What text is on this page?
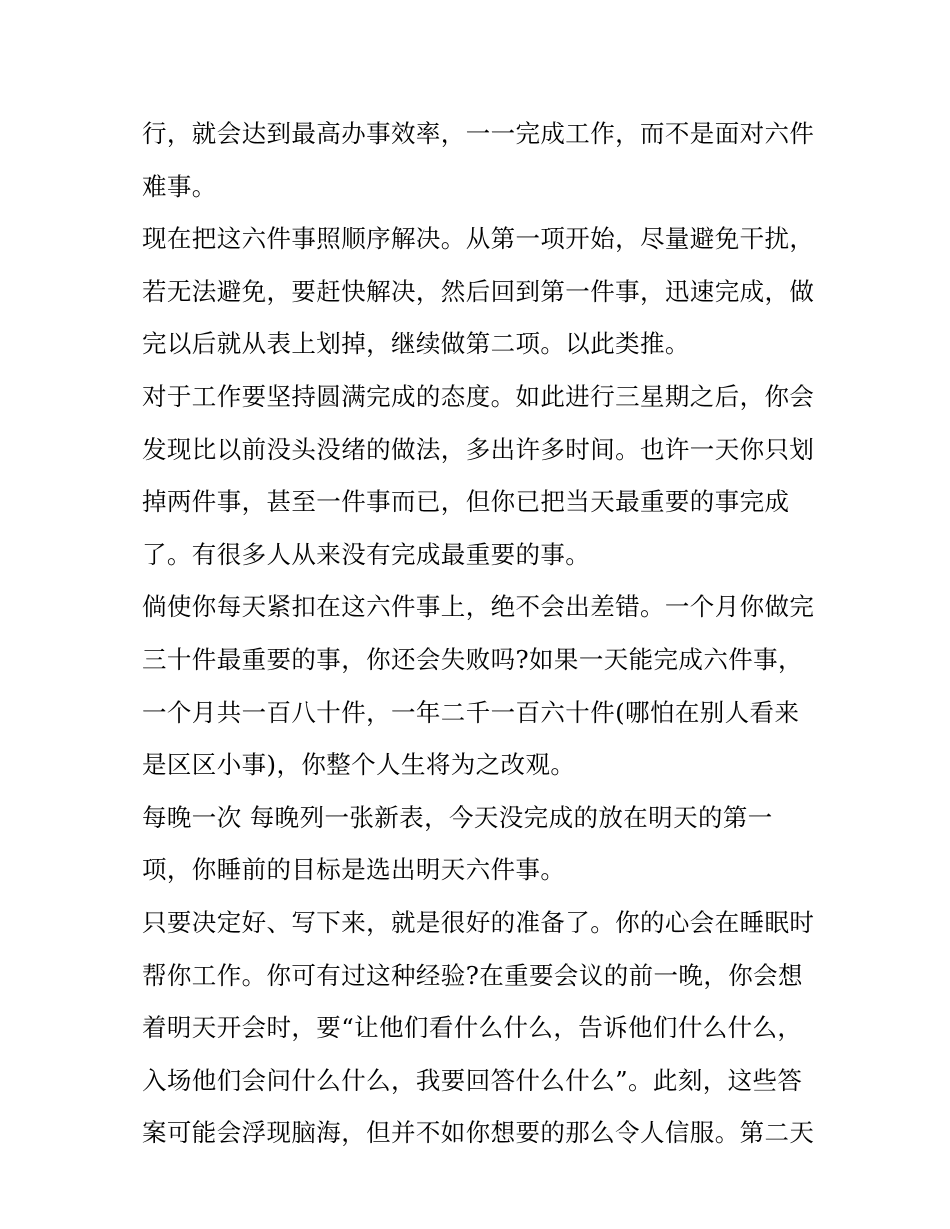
行，就会达到最高办事效率，一一完成工作，而不是面对六件
难事。
现在把这六件事照顺序解决。从第一项开始，尽量避免干扰，
若无法避免，要赶快解决，然后回到第一件事，迅速完成，做
完以后就从表上划掉，继续做第二项。以此类推。
对于工作要坚持圆满完成的态度。如此进行三星期之后，你会
发现比以前没头没绪的做法，多出许多时间。也许一天你只划
掉两件事，甚至一件事而已，但你已把当天最重要的事完成
了。有很多人从来没有完成最重要的事。
倘使你每天紧扣在这六件事上，绝不会出差错。一个月你做完
三十件最重要的事，你还会失败吗?如果一天能完成六件事，
一个月共一百八十件，一年二千一百六十件(哪怕在别人看来
是区区小事)，你整个人生将为之改观。
每晚一次 每晚列一张新表，今天没完成的放在明天的第一
项，你睡前的目标是选出明天六件事。
只要决定好、写下来，就是很好的准备了。你的心会在睡眠时
帮你工作。你可有过这种经验?在重要会议的前一晚，你会想
着明天开会时，要“让他们看什么什么，告诉他们什么什么，
入场他们会问什么什么，我要回答什么什么”。此刻，这些答
案可能会浮现脑海，但并不如你想要的那么令人信服。第二天
